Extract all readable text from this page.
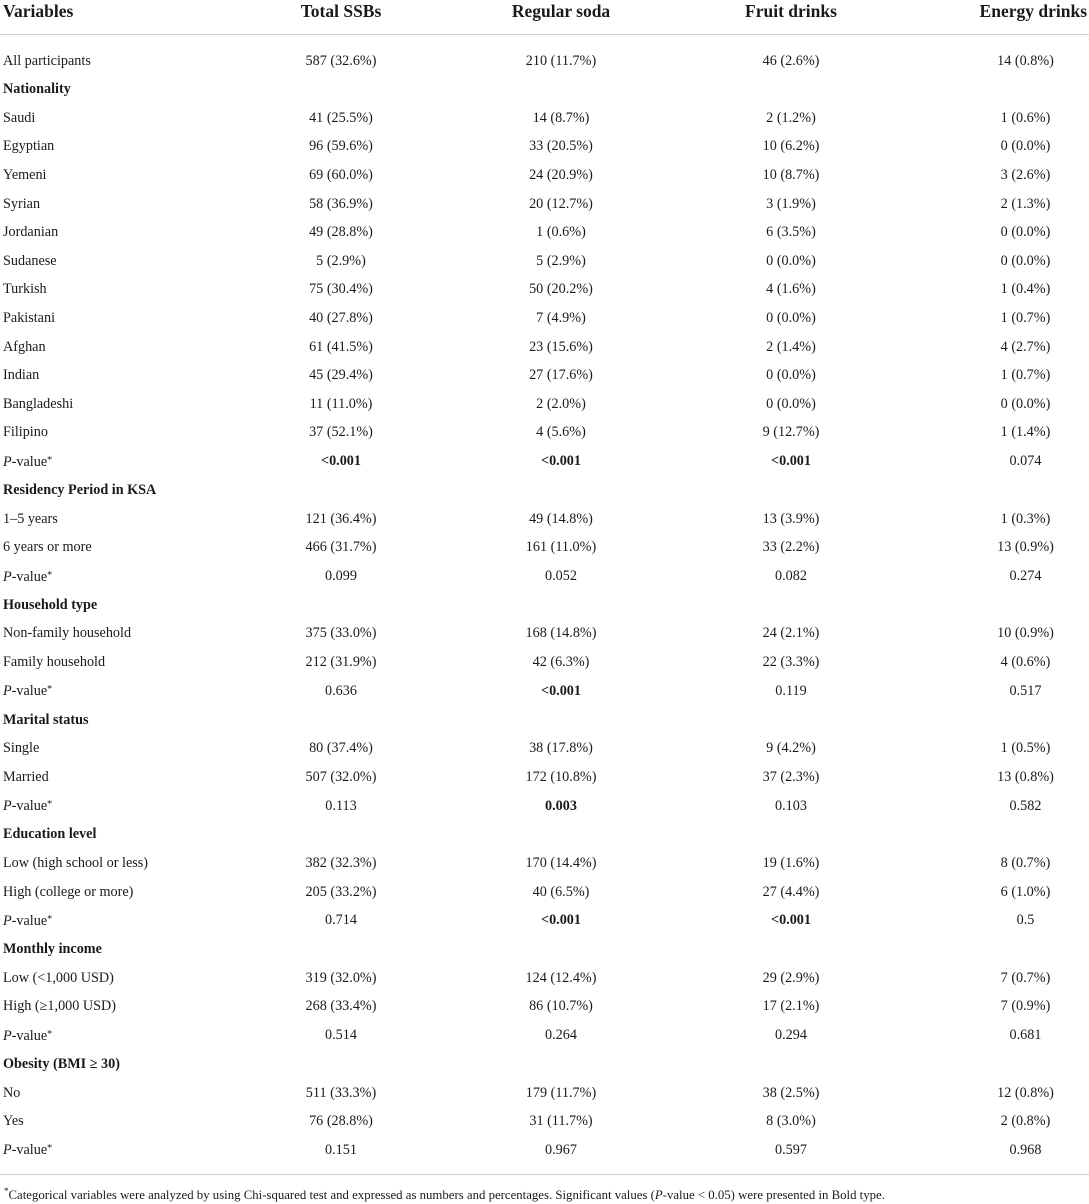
Variables	Total SSBs	Regular soda	Fruit drinks	Energy drinks
All participants	587 (32.6%)	210 (11.7%)	46 (2.6%)	14 (0.8%)
Nationality				
Saudi	41 (25.5%)	14 (8.7%)	2 (1.2%)	1 (0.6%)
Egyptian	96 (59.6%)	33 (20.5%)	10 (6.2%)	0 (0.0%)
Yemeni	69 (60.0%)	24 (20.9%)	10 (8.7%)	3 (2.6%)
Syrian	58 (36.9%)	20 (12.7%)	3 (1.9%)	2 (1.3%)
Jordanian	49 (28.8%)	1 (0.6%)	6 (3.5%)	0 (0.0%)
Sudanese	5 (2.9%)	5 (2.9%)	0 (0.0%)	0 (0.0%)
Turkish	75 (30.4%)	50 (20.2%)	4 (1.6%)	1 (0.4%)
Pakistani	40 (27.8%)	7 (4.9%)	0 (0.0%)	1 (0.7%)
Afghan	61 (41.5%)	23 (15.6%)	2 (1.4%)	4 (2.7%)
Indian	45 (29.4%)	27 (17.6%)	0 (0.0%)	1 (0.7%)
Bangladeshi	11 (11.0%)	2 (2.0%)	0 (0.0%)	0 (0.0%)
Filipino	37 (52.1%)	4 (5.6%)	9 (12.7%)	1 (1.4%)
P-value*	<0.001	<0.001	<0.001	0.074
Residency Period in KSA				
1–5 years	121 (36.4%)	49 (14.8%)	13 (3.9%)	1 (0.3%)
6 years or more	466 (31.7%)	161 (11.0%)	33 (2.2%)	13 (0.9%)
P-value*	0.099	0.052	0.082	0.274
Household type				
Non-family household	375 (33.0%)	168 (14.8%)	24 (2.1%)	10 (0.9%)
Family household	212 (31.9%)	42 (6.3%)	22 (3.3%)	4 (0.6%)
P-value*	0.636	<0.001	0.119	0.517
Marital status				
Single	80 (37.4%)	38 (17.8%)	9 (4.2%)	1 (0.5%)
Married	507 (32.0%)	172 (10.8%)	37 (2.3%)	13 (0.8%)
P-value*	0.113	0.003	0.103	0.582
Education level				
Low (high school or less)	382 (32.3%)	170 (14.4%)	19 (1.6%)	8 (0.7%)
High (college or more)	205 (33.2%)	40 (6.5%)	27 (4.4%)	6 (1.0%)
P-value*	0.714	<0.001	<0.001	0.5
Monthly income				
Low (<1,000 USD)	319 (32.0%)	124 (12.4%)	29 (2.9%)	7 (0.7%)
High (≥1,000 USD)	268 (33.4%)	86 (10.7%)	17 (2.1%)	7 (0.9%)
P-value*	0.514	0.264	0.294	0.681
Obesity (BMI ≥ 30)				
No	511 (33.3%)	179 (11.7%)	38 (2.5%)	12 (0.8%)
Yes	76 (28.8%)	31 (11.7%)	8 (3.0%)	2 (0.8%)
P-value*	0.151	0.967	0.597	0.968
*Categorical variables were analyzed by using Chi-squared test and expressed as numbers and percentages. Significant values (P-value < 0.05) were presented in Bold type.
